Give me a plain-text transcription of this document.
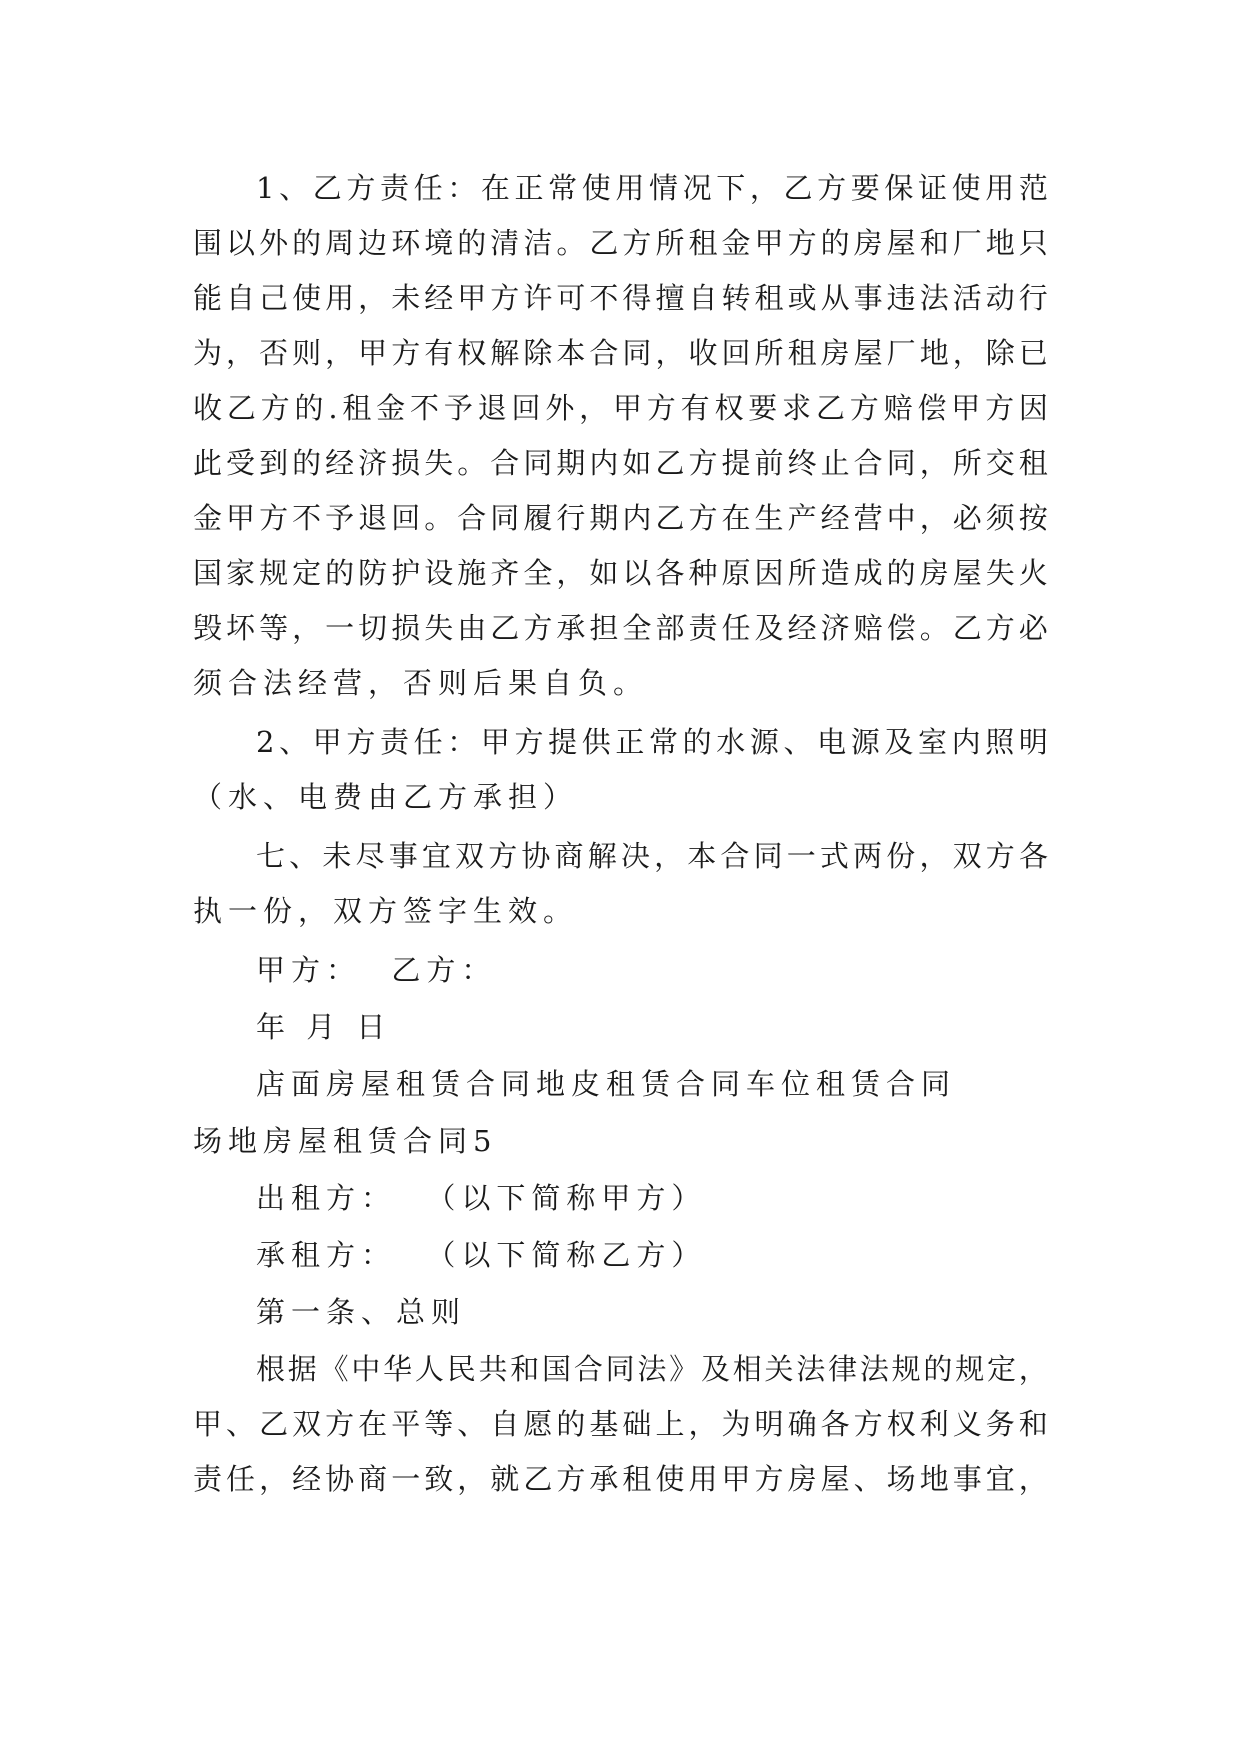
1 、 乙 方 责 任 ： 在 正 常 使 用 情 况 下 ， 乙 方 要 保 证 使 用 范
围 以 外 的 周 边 环 境 的 清 洁 。 乙 方 所 租 金 甲 方 的 房 屋 和 厂 地 只
能 自 己 使 用 ， 未 经 甲 方 许 可 不 得 擅 自 转 租 或 从 事 违 法 活 动 行
为 ， 否 则 ， 甲 方 有 权 解 除 本 合 同 ， 收 回 所 租 房 屋 厂 地 ， 除 已
收 乙 方 的 . 租 金 不 予 退 回 外 ， 甲 方 有 权 要 求 乙 方 赔 偿 甲 方 因
此 受 到 的 经 济 损 失 。 合 同 期 内 如 乙 方 提 前 终 止 合 同 ， 所 交 租
金 甲 方 不 予 退 回 。 合 同 履 行 期 内 乙 方 在 生 产 经 营 中 ， 必 须 按
国 家 规 定 的 防 护 设 施 齐 全 ， 如 以 各 种 原 因 所 造 成 的 房 屋 失 火
毁 坏 等 ， 一 切 损 失 由 乙 方 承 担 全 部 责 任 及 经 济 赔 偿 。 乙 方 必
须合法经营，否则后果自负。
2 、 甲 方 责 任 ： 甲 方 提 供 正 常 的 水 源 、 电 源 及 室 内 照 明
（水、电费由乙方承担）
七 、 未 尽 事 宜 双 方 协 商 解 决 ， 本 合 同 一 式 两 份 ， 双 方 各
执一份，双方签字生效。
甲方：  乙方：
年 月 日
店面房屋租赁合同地皮租赁合同车位租赁合同
场地房屋租赁合同5
出租方：  （以下简称甲方）
承租方：  （以下简称乙方）
第一条、总则
根 据 《 中 华 人 民 共 和 国 合 同 法 》 及 相 关 法 律 法 规 的 规 定 ，
甲 、 乙 双 方 在 平 等 、 自 愿 的 基 础 上 ， 为 明 确 各 方 权 利 义 务 和
责 任 ， 经 协 商 一 致 ， 就 乙 方 承 租 使 用 甲 方 房 屋 、 场 地 事 宜 ，
